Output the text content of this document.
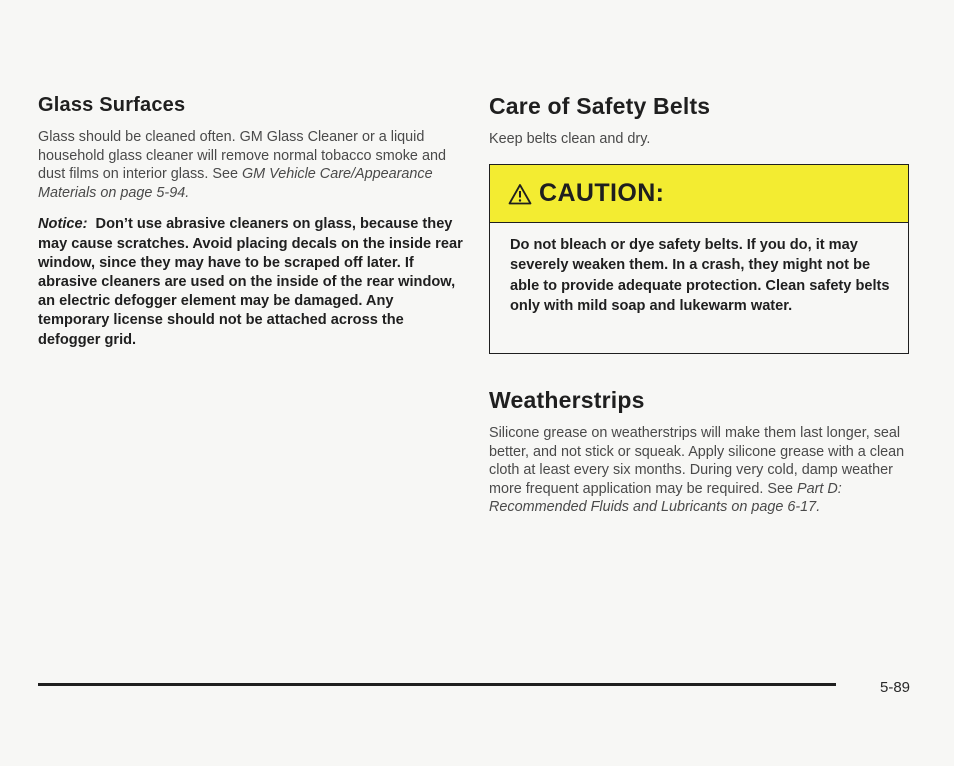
Glass Surfaces

Glass should be cleaned often. GM Glass Cleaner or a liquid household glass cleaner will remove normal tobacco smoke and dust films on interior glass. See GM Vehicle Care/Appearance Materials on page 5-94.

Notice: Don’t use abrasive cleaners on glass, because they may cause scratches. Avoid placing decals on the inside rear window, since they may have to be scraped off later. If abrasive cleaners are used on the inside of the rear window, an electric defogger element may be damaged. Any temporary license should not be attached across the defogger grid.

Care of Safety Belts

Keep belts clean and dry.

CAUTION:
Do not bleach or dye safety belts. If you do, it may severely weaken them. In a crash, they might not be able to provide adequate protection. Clean safety belts only with mild soap and lukewarm water.
Weatherstrips

Silicone grease on weatherstrips will make them last longer, seal better, and not stick or squeak. Apply silicone grease with a clean cloth at least every six months. During very cold, damp weather more frequent application may be required. See Part D: Recommended Fluids and Lubricants on page 6-17.

5-89
